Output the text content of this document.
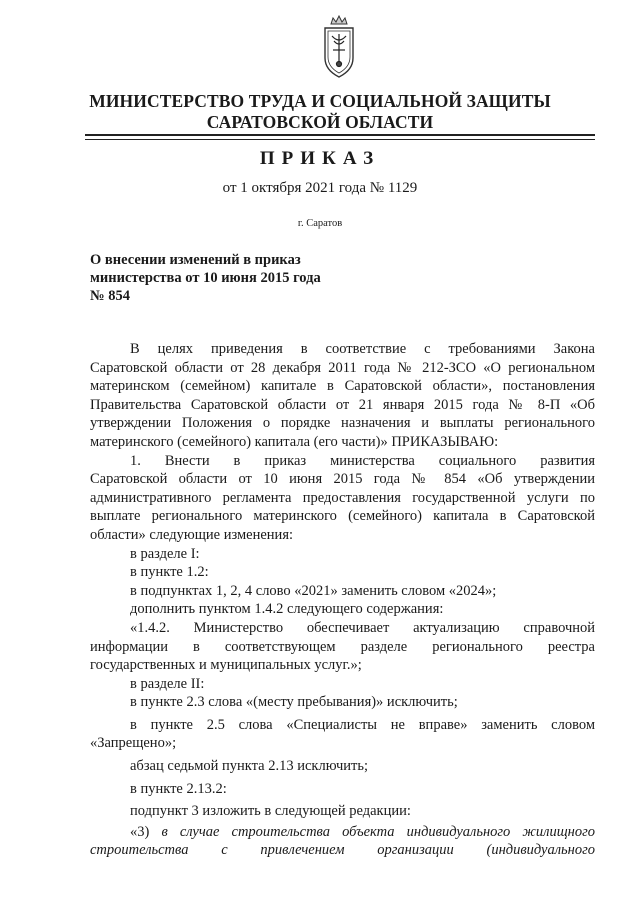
МИНИСТЕРСТВО ТРУДА И СОЦИАЛЬНОЙ ЗАЩИТЫ
САРАТОВСКОЙ ОБЛАСТИ
ПРИКАЗ
от 1 октября 2021 года № 1129
г. Саратов
О внесении изменений в приказ
министерства от 10 июня 2015 года
№ 854

В целях приведения в соответствие с требованиями Закона

Саратовской области от 28 декабря 2011 года № 212-ЗСО «О региональном

материнском (семейном) капитале в Саратовской области», постановления

Правительства Саратовской области от 21 января 2015 года № 8-П «Об

утверждении Положения о порядке назначения и выплаты регионального

материнского (семейного) капитала (его части)» ПРИКАЗЫВАЮ:

1. Внести в приказ министерства социального развития

Саратовской области от 10 июня 2015 года № 854 «Об утверждении

административного регламента предоставления государственной услуги по

выплате регионального материнского (семейного) капитала в Саратовской

области» следующие изменения:

в разделе I:

в пункте 1.2:

в подпунктах 1, 2, 4 слово «2021» заменить словом «2024»;

дополнить пунктом 1.4.2 следующего содержания:

«1.4.2. Министерство обеспечивает актуализацию справочной

информации в соответствующем разделе регионального реестра

государственных и муниципальных услуг.»;

в разделе II:

в пункте 2.3 слова «(месту пребывания)» исключить;

в пункте 2.5 слова «Специалисты не вправе» заменить словом

«Запрещено»;

абзац седьмой пункта 2.13 исключить;

в пункте 2.13.2:

подпункт 3 изложить в следующей редакции:

«3) в случае строительства объекта индивидуального жилищного

строительства с привлечением организации (индивидуального
